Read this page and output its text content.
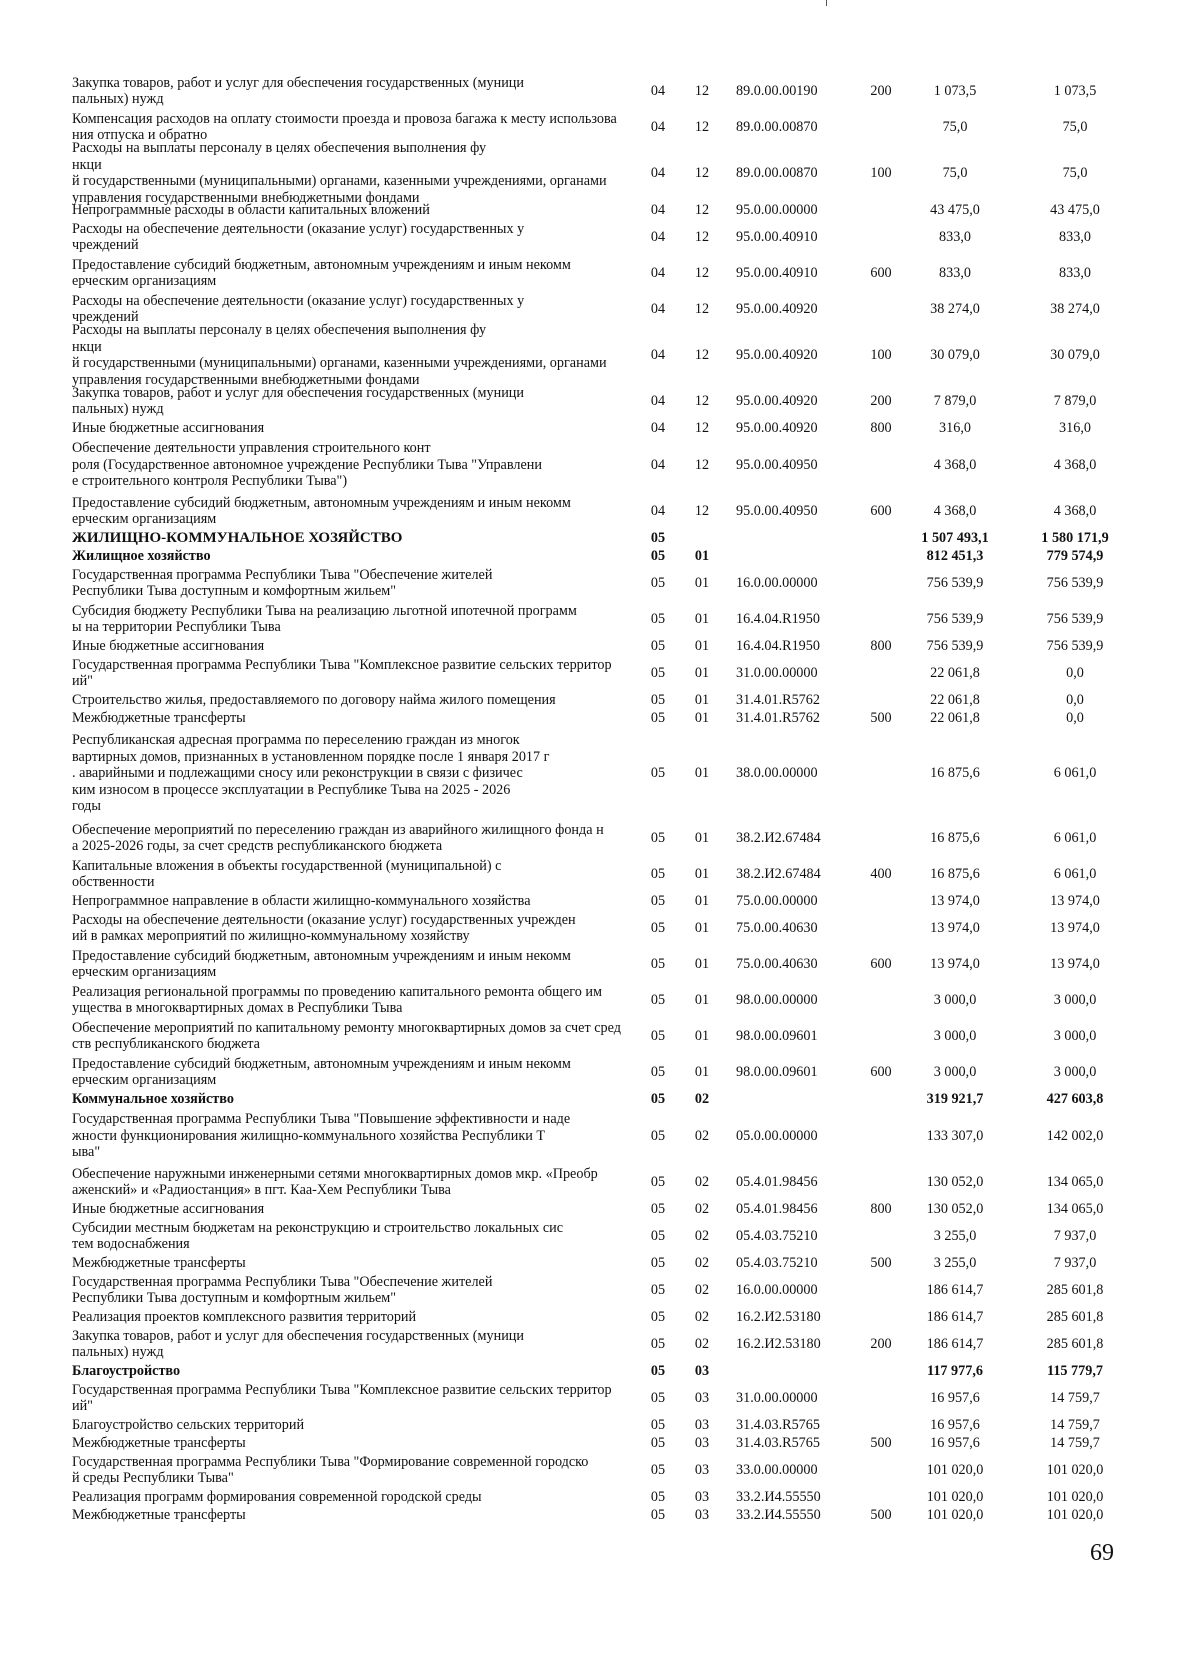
Закупка товаров, работ и услуг для обеспечения государственных (муници
пальных) нужд
04	12	89.0.00.00190	200	1 073,5	1 073,5
Компенсация расходов на оплату стоимости проезда и провоза багажа к месту использова
ния отпуска и обратно
04	12	89.0.00.00870	75,0	75,0
Расходы на выплаты персоналу в целях обеспечения выполнения фу
нкци
й государственными (муниципальными) органами, казенными учреждениями, органами управления государственными внебюджетными фондами
04	12	89.0.00.00870	100	75,0	75,0
Непрограммные расходы в области капитальных вложений	04	12	95.0.00.00000	43 475,0	43 475,0
Расходы на обеспечение деятельности (оказание услуг) государственных у
чреждений
04	12	95.0.00.40910	833,0	833,0
Предоставление субсидий бюджетным, автономным учреждениям и иным некомм
ерческим организациям
04	12	95.0.00.40910	600	833,0	833,0
Расходы на обеспечение деятельности (оказание услуг) государственных у
чреждений
04	12	95.0.00.40920	38 274,0	38 274,0
Расходы на выплаты персоналу в целях обеспечения выполнения фу
нкци
й государственными (муниципальными) органами, казенными учреждениями, органами управления государственными внебюджетными фондами
04	12	95.0.00.40920	100	30 079,0	30 079,0
Закупка товаров, работ и услуг для обеспечения государственных (муници
пальных) нужд
04	12	95.0.00.40920	200	7 879,0	7 879,0
Иные бюджетные ассигнования	04	12	95.0.00.40920	800	316,0	316,0
Обеспечение деятельности управления строительного конт
роля (Государственное автономное учреждение Республики Тыва "Управлени
е строительного контроля Республики Тыва")
04	12	95.0.00.40950	4 368,0	4 368,0
Предоставление субсидий бюджетным, автономным учреждениям и иным некомм
ерческим организациям
04	12	95.0.00.40950	600	4 368,0	4 368,0
ЖИЛИЩНО-КОММУНАЛЬНОЕ ХОЗЯЙСТВО	05	1 507 493,1	1 580 171,9
Жилищное хозяйство	05	01	812 451,3	779 574,9
Государственная программа Республики Тыва "Обеспечение жителей
Республики Тыва доступным и комфортным жильем"
05	01	16.0.00.00000	756 539,9	756 539,9
Субсидия бюджету Республики Тыва на реализацию льготной ипотечной программ
ы на территории Республики Тыва
05	01	16.4.04.R1950	756 539,9	756 539,9
Иные бюджетные ассигнования	05	01	16.4.04.R1950	800	756 539,9	756 539,9
Государственная программа Республики Тыва "Комплексное развитие сельских территор
ий"
05	01	31.0.00.00000	22 061,8	0,0
Строительство жилья, предоставляемого по договору найма жилого помещения	05	01	31.4.01.R5762	22 061,8	0,0
Межбюджетные трансферты	05	01	31.4.01.R5762	500	22 061,8	0,0
Республиканская адресная программа по переселению граждан из многок
вартирных домов, признанных в установленном порядке после 1 января 2017 г
. аварийными и подлежащими сносу или реконструкции в связи с физичес
ким износом в процессе эксплуатации в Республике Тыва на 2025 - 2026
годы
05	01	38.0.00.00000	16 875,6	6 061,0
Обеспечение мероприятий по переселению граждан из аварийного жилищного фонда н
а 2025-2026 годы, за счет средств республиканского бюджета
05	01	38.2.И2.67484	16 875,6	6 061,0
Капитальные вложения в объекты государственной (муниципальной) с
обственности
05	01	38.2.И2.67484	400	16 875,6	6 061,0
Непрограммное направление в области жилищно-коммунального хозяйства	05	01	75.0.00.00000	13 974,0	13 974,0
Расходы на обеспечение деятельности (оказание услуг) государственных учрежден
ий в рамках мероприятий по жилищно-коммунальному хозяйству
05	01	75.0.00.40630	13 974,0	13 974,0
Предоставление субсидий бюджетным, автономным учреждениям и иным некомм
ерческим организациям
05	01	75.0.00.40630	600	13 974,0	13 974,0
Реализация региональной программы по проведению капитального ремонта общего им
ущества в многоквартирных домах в Республики Тыва
05	01	98.0.00.00000	3 000,0	3 000,0
Обеспечение мероприятий по капитальному ремонту многоквартирных домов за счет сред
ств республиканского бюджета
05	01	98.0.00.09601	3 000,0	3 000,0
Предоставление субсидий бюджетным, автономным учреждениям и иным некомм
ерческим организациям
05	01	98.0.00.09601	600	3 000,0	3 000,0
Коммунальное хозяйство	05	02	319 921,7	427 603,8
Государственная программа Республики Тыва "Повышение эффективности и наде
жности функционирования жилищно-коммунального хозяйства Республики Т
ыва"
05	02	05.0.00.00000	133 307,0	142 002,0
Обеспечение наружными инженерными сетями многоквартирных домов мкр. «Преобр
аженский» и «Радиостанция» в пгт. Каа-Хем Республики Тыва
05	02	05.4.01.98456	130 052,0	134 065,0
Иные бюджетные ассигнования	05	02	05.4.01.98456	800	130 052,0	134 065,0
Субсидии местным бюджетам на реконструкцию и строительство локальных сис
тем водоснабжения
05	02	05.4.03.75210	3 255,0	7 937,0
Межбюджетные трансферты	05	02	05.4.03.75210	500	3 255,0	7 937,0
Государственная программа Республики Тыва "Обеспечение жителей
Республики Тыва доступным и комфортным жильем"
05	02	16.0.00.00000	186 614,7	285 601,8
Реализация проектов комплексного развития территорий	05	02	16.2.И2.53180	186 614,7	285 601,8
Закупка товаров, работ и услуг для обеспечения государственных (муници
пальных) нужд
05	02	16.2.И2.53180	200	186 614,7	285 601,8
Благоустройство	05	03	117 977,6	115 779,7
Государственная программа Республики Тыва "Комплексное развитие сельских территор
ий"
05	03	31.0.00.00000	16 957,6	14 759,7
Благоустройство сельских территорий	05	03	31.4.03.R5765	16 957,6	14 759,7
Межбюджетные трансферты	05	03	31.4.03.R5765	500	16 957,6	14 759,7
Государственная программа Республики Тыва "Формирование современной городско
й среды Республики Тыва"
05	03	33.0.00.00000	101 020,0	101 020,0
Реализация программ формирования современной городской среды	05	03	33.2.И4.55550	101 020,0	101 020,0
Межбюджетные трансферты	05	03	33.2.И4.55550	500	101 020,0	101 020,0
69
